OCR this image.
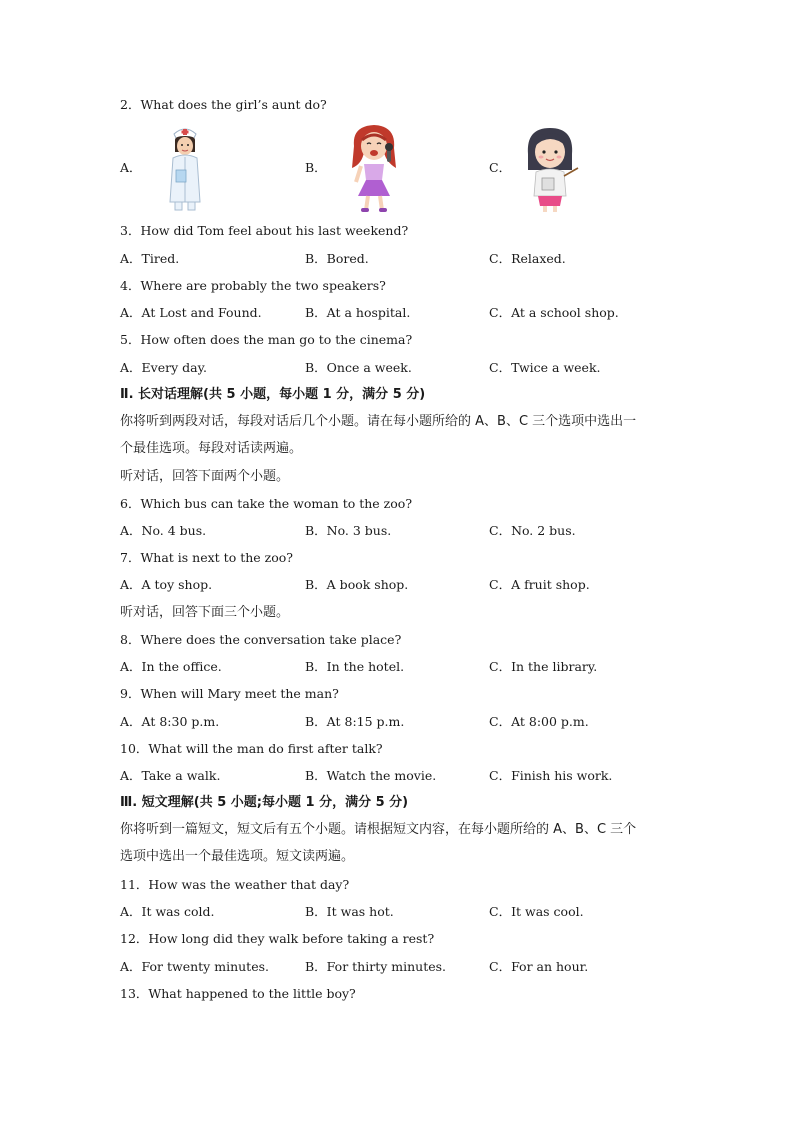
2．What does the girl’s aunt do?
A．	B．	C．
3．How did Tom feel about his last weekend?
A．Tired.	B．Bored.	C．Relaxed.
4．Where are probably the two speakers?
A．At Lost and Found.	B．At a hospital.	C．At a school shop.
5．How often does the man go to the cinema?
A．Every day.	B．Once a week.	C．Twice a week.
Ⅱ. 长对话理解(共 5 小题，每小题 1 分，满分 5 分)
你将听到两段对话，每段对话后几个小题。请在每小题所给的 A、B、C 三个选项中选出一
个最佳选项。每段对话读两遍。
听对话，回答下面两个小题。
6．Which bus can take the woman to the zoo?
A．No. 4 bus.	B．No. 3 bus.	C．No. 2 bus.
7．What is next to the zoo?
A．A toy shop.	B．A book shop.	C．A fruit shop.
听对话，回答下面三个小题。
8．Where does the conversation take place?
A．In the office.	B．In the hotel.	C．In the library.
9．When will Mary meet the man?
A．At 8:30 p.m.	B．At 8:15 p.m.	C．At 8:00 p.m.
10．What will the man do first after talk?
A．Take a walk.	B．Watch the movie.	C．Finish his work.
Ⅲ. 短文理解(共 5 小题;每小题 1 分，满分 5 分)
你将听到一篇短文，短文后有五个小题。请根据短文内容，在每小题所给的 A、B、C 三个
选项中选出一个最佳选项。短文读两遍。
11．How was the weather that day?
A．It was cold.	B．It was hot.	C．It was cool.
12．How long did they walk before taking a rest?
A．For twenty minutes.	B．For thirty minutes.	C．For an hour.
13．What happened to the little boy?
